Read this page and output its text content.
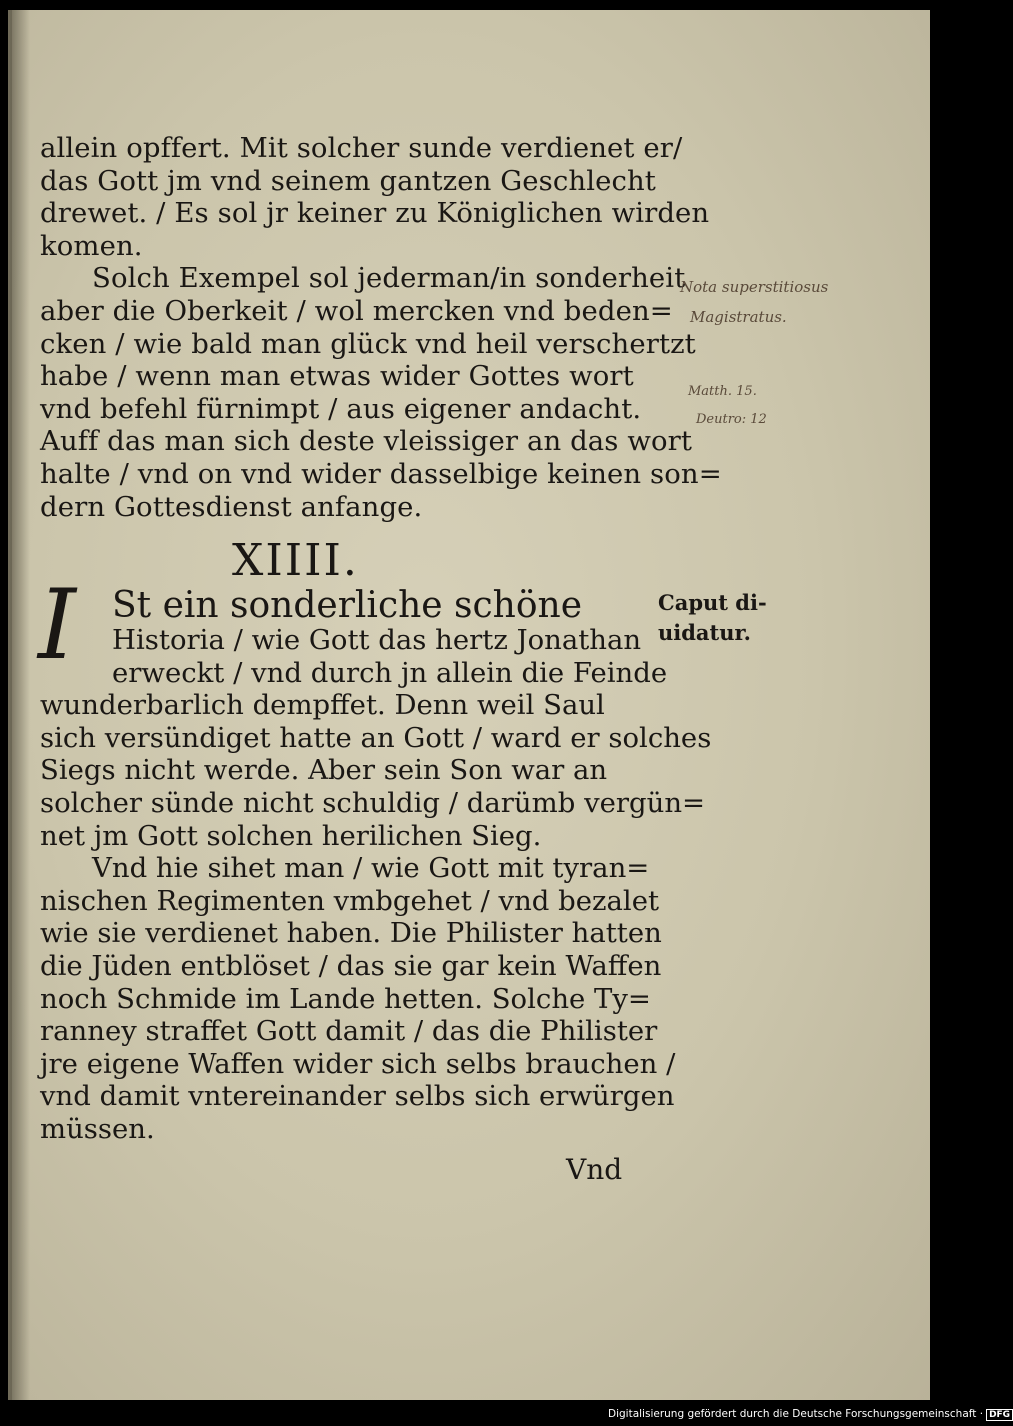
allein opffert. Mit solcher sunde verdienet er/
das Gott jm vnd seinem gantzen Geschlecht
drewet. / Es sol jr keiner zu Königlichen wirden
komen.
Solch Exempel sol jederman/in sonderheit
aber die Oberkeit / wol mercken vnd beden=
cken / wie bald man glück vnd heil verschertzt
habe / wenn man etwas wider Gottes wort
vnd befehl fürnimpt / aus eigener andacht.
Auff das man sich deste vleissiger an das wort
halte / vnd on vnd wider dasselbige keinen son=
dern Gottesdienst anfange.
XIIII.
I	St ein sonderliche schöne
Historia / wie Gott das hertz Jonathan
erweckt / vnd durch jn allein die Feinde
wunderbarlich dempffet. Denn weil Saul
sich versündiget hatte an Gott / ward er solches
Siegs nicht werde. Aber sein Son war an
solcher sünde nicht schuldig / darümb vergün=
net jm Gott solchen herilichen Sieg.
Vnd hie sihet man / wie Gott mit tyran=
nischen Regimenten vmbgehet / vnd bezalet
wie sie verdienet haben. Die Philister hatten
die Jüden entblöset / das sie gar kein Waffen
noch Schmide im Lande hetten. Solche Ty=
ranney straffet Gott damit / das die Philister
jre eigene Waffen wider sich selbs brauchen /
vnd damit vntereinander selbs sich erwürgen
müssen.
Vnd
Caput di-
uidatur.
Nota superstitiosus
Magistratus.
Matth. 15.
Deutro: 12
Digitalisierung gefördert durch die Deutsche Forschungsgemeinschaft · DFG
